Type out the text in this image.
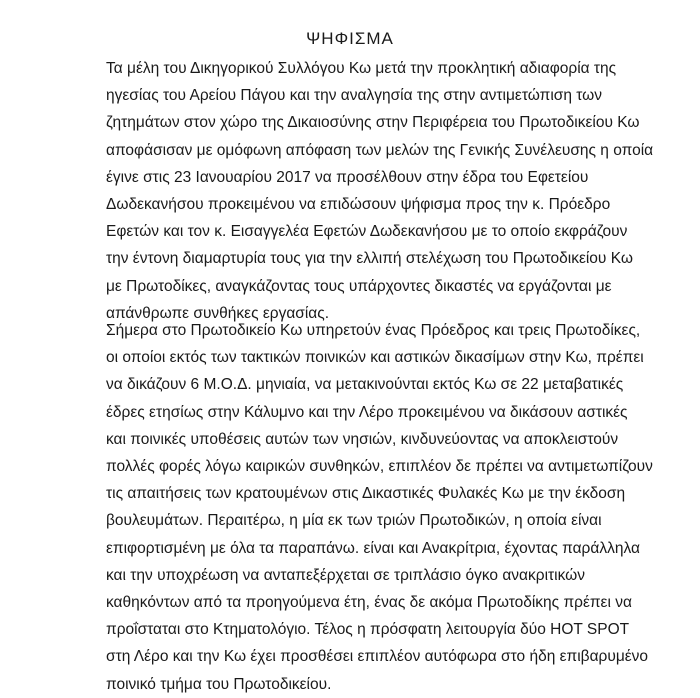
ΨΗΦΙΣΜΑ
Τα μέλη του Δικηγορικού Συλλόγου Κω μετά την προκλητική αδιαφορία της
ηγεσίας του Αρείου Πάγου και την αναλγησία της στην αντιμετώπιση των
ζητημάτων στον χώρο της Δικαιοσύνης στην Περιφέρεια του Πρωτοδικείου Κω
αποφάσισαν με ομόφωνη απόφαση των μελών της Γενικής Συνέλευσης η οποία
έγινε στις 23 Ιανουαρίου 2017 να προσέλθουν στην έδρα του Εφετείου
Δωδεκανήσου προκειμένου να επιδώσουν ψήφισμα προς την κ. Πρόεδρο
Εφετών και τον κ. Εισαγγελέα Εφετών Δωδεκανήσου με το οποίο εκφράζουν
την έντονη διαμαρτυρία τους για την ελλιπή στελέχωση του Πρωτοδικείου Κω
με Πρωτοδίκες, αναγκάζοντας τους υπάρχοντες δικαστές να εργάζονται με
απάνθρωπε συνθήκες εργασίας.
Σήμερα στο Πρωτοδικείο Κω υπηρετούν ένας Πρόεδρος και τρεις Πρωτοδίκες,
οι οποίοι εκτός των τακτικών ποινικών και αστικών δικασίμων στην Κω, πρέπει
να δικάζουν 6 Μ.Ο.Δ. μηνιαία, να μετακινούνται εκτός Κω σε 22 μεταβατικές
έδρες ετησίως στην Κάλυμνο και την Λέρο προκειμένου να δικάσουν αστικές
και ποινικές υποθέσεις αυτών των νησιών, κινδυνεύοντας να αποκλειστούν
πολλές φορές λόγω καιρικών συνθηκών, επιπλέον δε πρέπει να αντιμετωπίζουν
τις απαιτήσεις των κρατουμένων στις Δικαστικές Φυλακές Κω με την έκδοση
βουλευμάτων. Περαιτέρω, η μία εκ των τριών Πρωτοδικών, η οποία είναι
επιφορτισμένη με όλα τα παραπάνω. είναι και Ανακρίτρια, έχοντας παράλληλα
και την υποχρέωση να ανταπεξέρχεται σε τριπλάσιο όγκο ανακριτικών
καθηκόντων από τα προηγούμενα έτη, ένας δε ακόμα Πρωτοδίκης πρέπει να
προΐσταται στο Κτηματολόγιο. Τέλος η πρόσφατη λειτουργία δύο HOT SPOT
στη Λέρο και την Κω έχει προσθέσει επιπλέον αυτόφωρα στο ήδη επιβαρυμένο
ποινικό τμήμα του Πρωτοδικείου.
